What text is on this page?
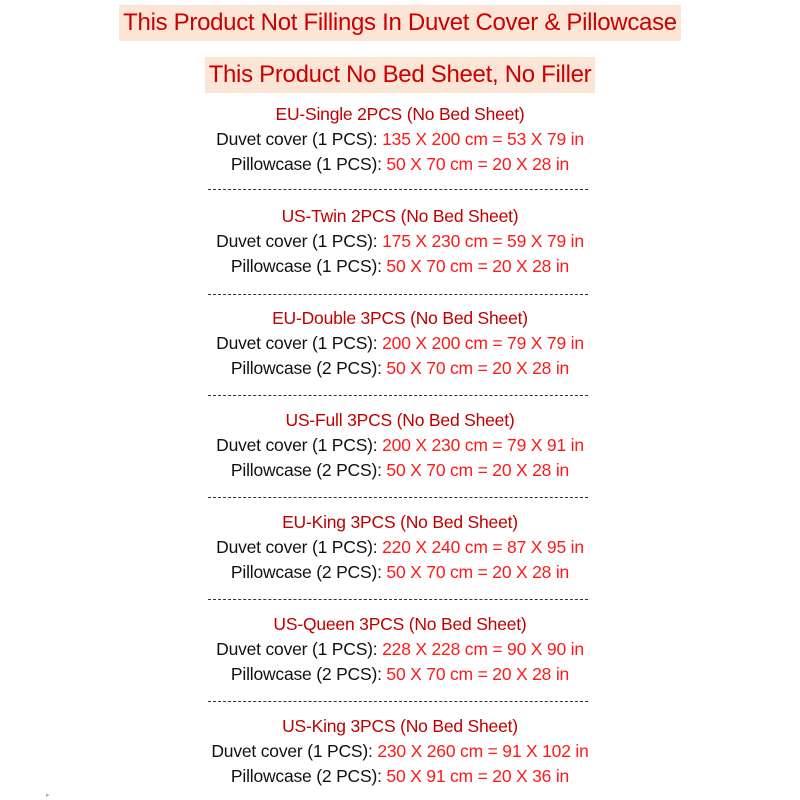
This Product Not Fillings In Duvet Cover & Pillowcase
This Product No Bed Sheet, No Filler
EU-Single 2PCS (No Bed Sheet)
Duvet cover (1 PCS): 135 X 200 cm = 53 X 79 in
Pillowcase (1 PCS): 50 X 70 cm = 20 X 28 in
US-Twin 2PCS (No Bed Sheet)
Duvet cover (1 PCS): 175 X 230 cm = 59 X 79 in
Pillowcase (1 PCS): 50 X 70 cm = 20 X 28 in
EU-Double 3PCS (No Bed Sheet)
Duvet cover (1 PCS): 200 X 200 cm = 79 X 79 in
Pillowcase (2 PCS): 50 X 70 cm = 20 X 28 in
US-Full 3PCS (No Bed Sheet)
Duvet cover (1 PCS): 200 X 230 cm = 79 X 91 in
Pillowcase (2 PCS): 50 X 70 cm = 20 X 28 in
EU-King 3PCS (No Bed Sheet)
Duvet cover (1 PCS): 220 X 240 cm = 87 X 95 in
Pillowcase (2 PCS): 50 X 70 cm = 20 X 28 in
US-Queen 3PCS (No Bed Sheet)
Duvet cover (1 PCS): 228 X 228 cm = 90 X 90 in
Pillowcase (2 PCS): 50 X 70 cm = 20 X 28 in
US-King 3PCS (No Bed Sheet)
Duvet cover (1 PCS): 230 X 260 cm = 91 X 102 in
Pillowcase (2 PCS): 50 X 91 cm = 20 X 36 in
▸
